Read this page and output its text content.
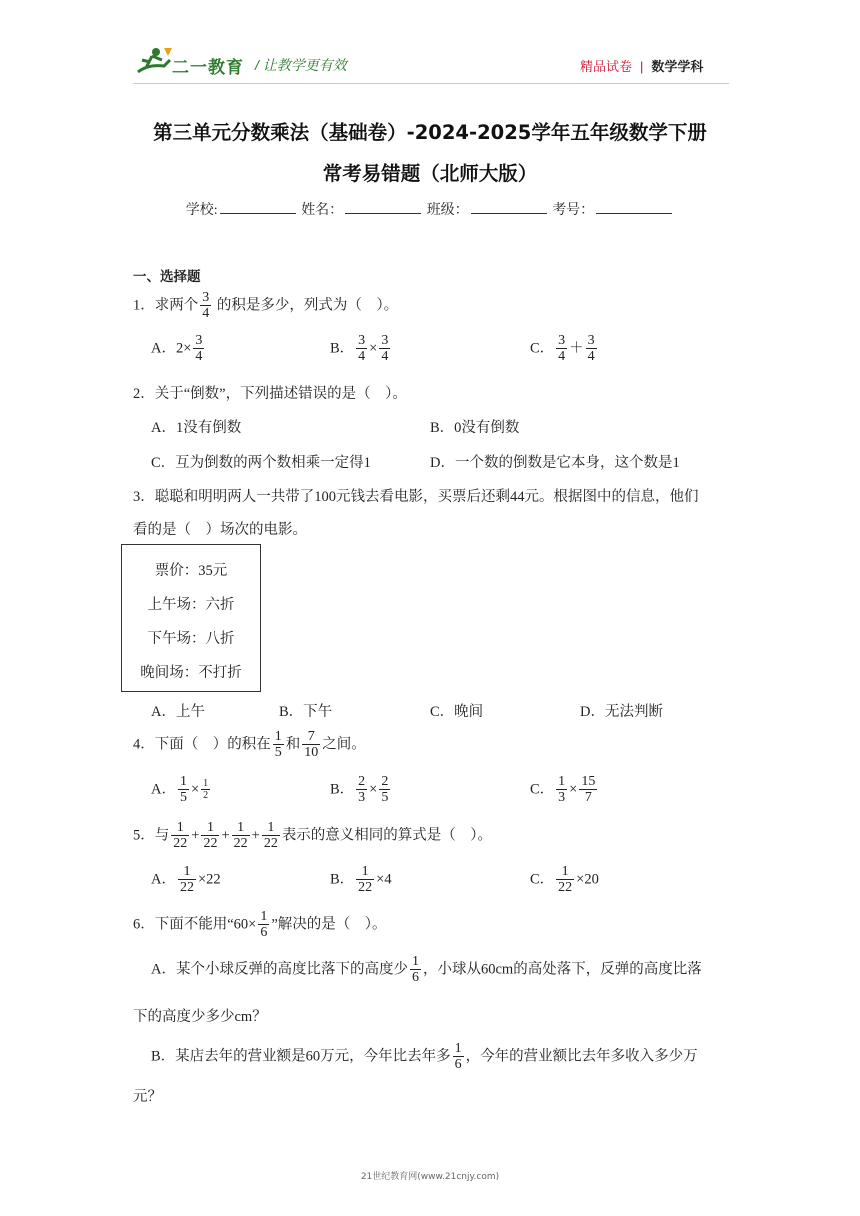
二一教育 / 让教学更有效	精品试卷 | 数学学科
第三单元分数乘法（基础卷）-2024-2025学年五年级数学下册
常考易错题（北师大版）
学校:	姓名：	班级：	考号：
一、选择题
1．求两个 $\frac{3}{4}$ 的积是多少，列式为（　）。
A．$2\times \frac{3}{4}$	B． $\frac{3}{4} \times \frac{3}{4}$	C． $\frac{3}{4} + \frac{3}{4}$
2．关于“倒数”，下列描述错误的是（　）。
A．1没有倒数	B．0没有倒数
C．互为倒数的两个数相乘一定得1	D．一个数的倒数是它本身，这个数是1
3．聪聪和明明两人一共带了100元钱去看电影，买票后还剩44元。根据图中的信息，他们
看的是（　）场次的电影。
票价：35元
上午场：六折
下午场：八折
晚间场：不打折
A．上午	B．下午	C．晚间	D．无法判断
4．下面（　）的积在 $\frac{1}{5}$ 和 $\frac{7}{10}$ 之间。
A． $\frac{1}{5} \times \frac{1}{2}$	B． $\frac{2}{3} \times \frac{2}{5}$	C． $\frac{1}{3} \times \frac{15}{7}$
5．与 $\frac{1}{22} + \frac{1}{22} + \frac{1}{22} + \frac{1}{22}$ 表示的意义相同的算式是（　）。
A． $\frac{1}{22} \times 22$	B． $\frac{1}{22} \times 4$	C． $\frac{1}{22} \times 20$
6．下面不能用“$60\times \frac{1}{6}$ ”解决的是（　）。
A．某个小球反弹的高度比落下的高度少 $\frac{1}{6}$ ，小球从60cm的高处落下，反弹的高度比落
下的高度少多少cm？
B．某店去年的营业额是60万元，今年比去年多 $\frac{1}{6}$ ，今年的营业额比去年多收入多少万
元？
21世纪教育网(www.21cnjy.com)
